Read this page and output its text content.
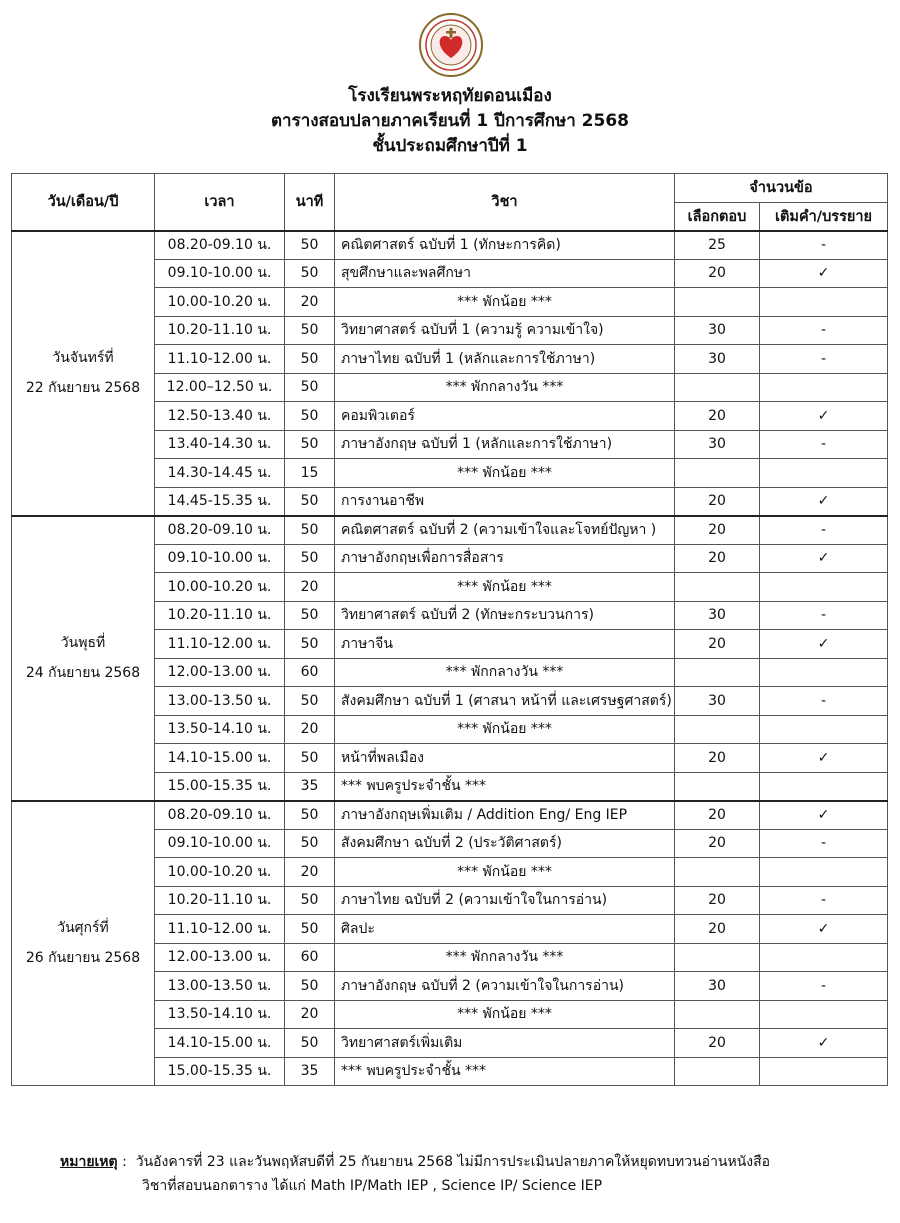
โรงเรียนพระหฤทัยดอนเมือง
ตารางสอบปลายภาคเรียนที่ 1 ปีการศึกษา 2568
ชั้นประถมศึกษาปีที่ 1
วัน/เดือน/ปี	เวลา	นาที	วิชา	จำนวนข้อ	
				เลือกตอบ	เติมคำ/บรรยาย

วันจันทร์ที่
22 กันยายน 2568	08.20-09.10 น.	50	คณิตศาสตร์ ฉบับที่ 1 (ทักษะการคิด)	25	-
	09.10-10.00 น.	50	สุขศึกษาและพลศึกษา	20	✓
	10.00-10.20 น.	20	*** พักน้อย ***		
	10.20-11.10 น.	50	วิทยาศาสตร์ ฉบับที่ 1 (ความรู้ ความเข้าใจ)	30	-
	11.10-12.00 น.	50	ภาษาไทย ฉบับที่ 1 (หลักและการใช้ภาษา)	30	-
	12.00–12.50 น.	50	*** พักกลางวัน ***		
	12.50-13.40 น.	50	คอมพิวเตอร์	20	✓
	13.40-14.30 น.	50	ภาษาอังกฤษ ฉบับที่ 1 (หลักและการใช้ภาษา)	30	-
	14.30-14.45 น.	15	*** พักน้อย ***		
	14.45-15.35 น.	50	การงานอาชีพ	20	✓

วันพุธที่
24 กันยายน 2568	08.20-09.10 น.	50	คณิตศาสตร์ ฉบับที่ 2 (ความเข้าใจและโจทย์ปัญหา )	20	-
	09.10-10.00 น.	50	ภาษาอังกฤษเพื่อการสื่อสาร	20	✓
	10.00-10.20 น.	20	*** พักน้อย ***		
	10.20-11.10 น.	50	วิทยาศาสตร์ ฉบับที่ 2 (ทักษะกระบวนการ)	30	-
	11.10-12.00 น.	50	ภาษาจีน	20	✓
	12.00-13.00 น.	60	*** พักกลางวัน ***		
	13.00-13.50 น.	50	สังคมศึกษา ฉบับที่ 1 (ศาสนา หน้าที่ และเศรษฐศาสตร์)	30	-
	13.50-14.10 น.	20	*** พักน้อย ***		
	14.10-15.00 น.	50	หน้าที่พลเมือง	20	✓
	15.00-15.35 น.	35	*** พบครูประจำชั้น ***		

วันศุกร์ที่
26 กันยายน 2568	08.20-09.10 น.	50	ภาษาอังกฤษเพิ่มเติม / Addition Eng/ Eng IEP	20	✓
	09.10-10.00 น.	50	สังคมศึกษา ฉบับที่ 2 (ประวัติศาสตร์)	20	-
	10.00-10.20 น.	20	*** พักน้อย ***		
	10.20-11.10 น.	50	ภาษาไทย ฉบับที่ 2 (ความเข้าใจในการอ่าน)	20	-
	11.10-12.00 น.	50	ศิลปะ	20	✓
	12.00-13.00 น.	60	*** พักกลางวัน ***		
	13.00-13.50 น.	50	ภาษาอังกฤษ ฉบับที่ 2 (ความเข้าใจในการอ่าน)	30	-
	13.50-14.10 น.	20	*** พักน้อย ***		
	14.10-15.00 น.	50	วิทยาศาสตร์เพิ่มเติม	20	✓
	15.00-15.35 น.	35	*** พบครูประจำชั้น ***		
หมายเหตุ : วันอังคารที่ 23 และวันพฤหัสบดีที่ 25 กันยายน 2568 ไม่มีการประเมินปลายภาคให้หยุดทบทวนอ่านหนังสือ
วิชาที่สอบนอกตาราง ได้แก่ Math IP/Math IEP , Science IP/ Science IEP
